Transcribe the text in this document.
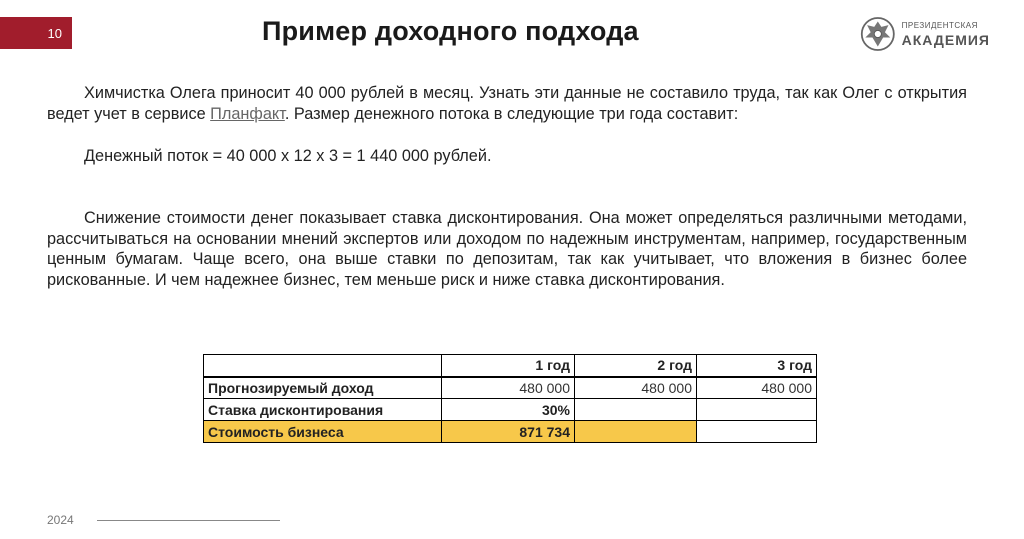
10	Пример доходного подхода	ПРЕЗИДЕНТСКАЯ
АКАДЕМИЯ
Химчистка Олега приносит 40 000 рублей в месяц. Узнать эти данные не составило труда, так как Олег с открытия ведет учет в сервисе Планфакт. Размер денежного потока в следующие три года составит:
Денежный поток = 40 000 х 12 х 3 = 1 440 000 рублей.
Снижение стоимости денег показывает ставка дисконтирования. Она может определяться различными методами, рассчитываться на основании мнений экспертов или доходом по надежным инструментам, например, государственным ценным бумагам. Чаще всего, она выше ставки по депозитам, так как учитывает, что вложения в бизнес более рискованные. И чем надежнее бизнес, тем меньше риск и ниже ставка дисконтирования.
	1 год	2 год	3 год
Прогнозируемый доход	480 000	480 000	480 000
Ставка дисконтирования	30%		
Стоимость бизнеса	871 734		
2024
